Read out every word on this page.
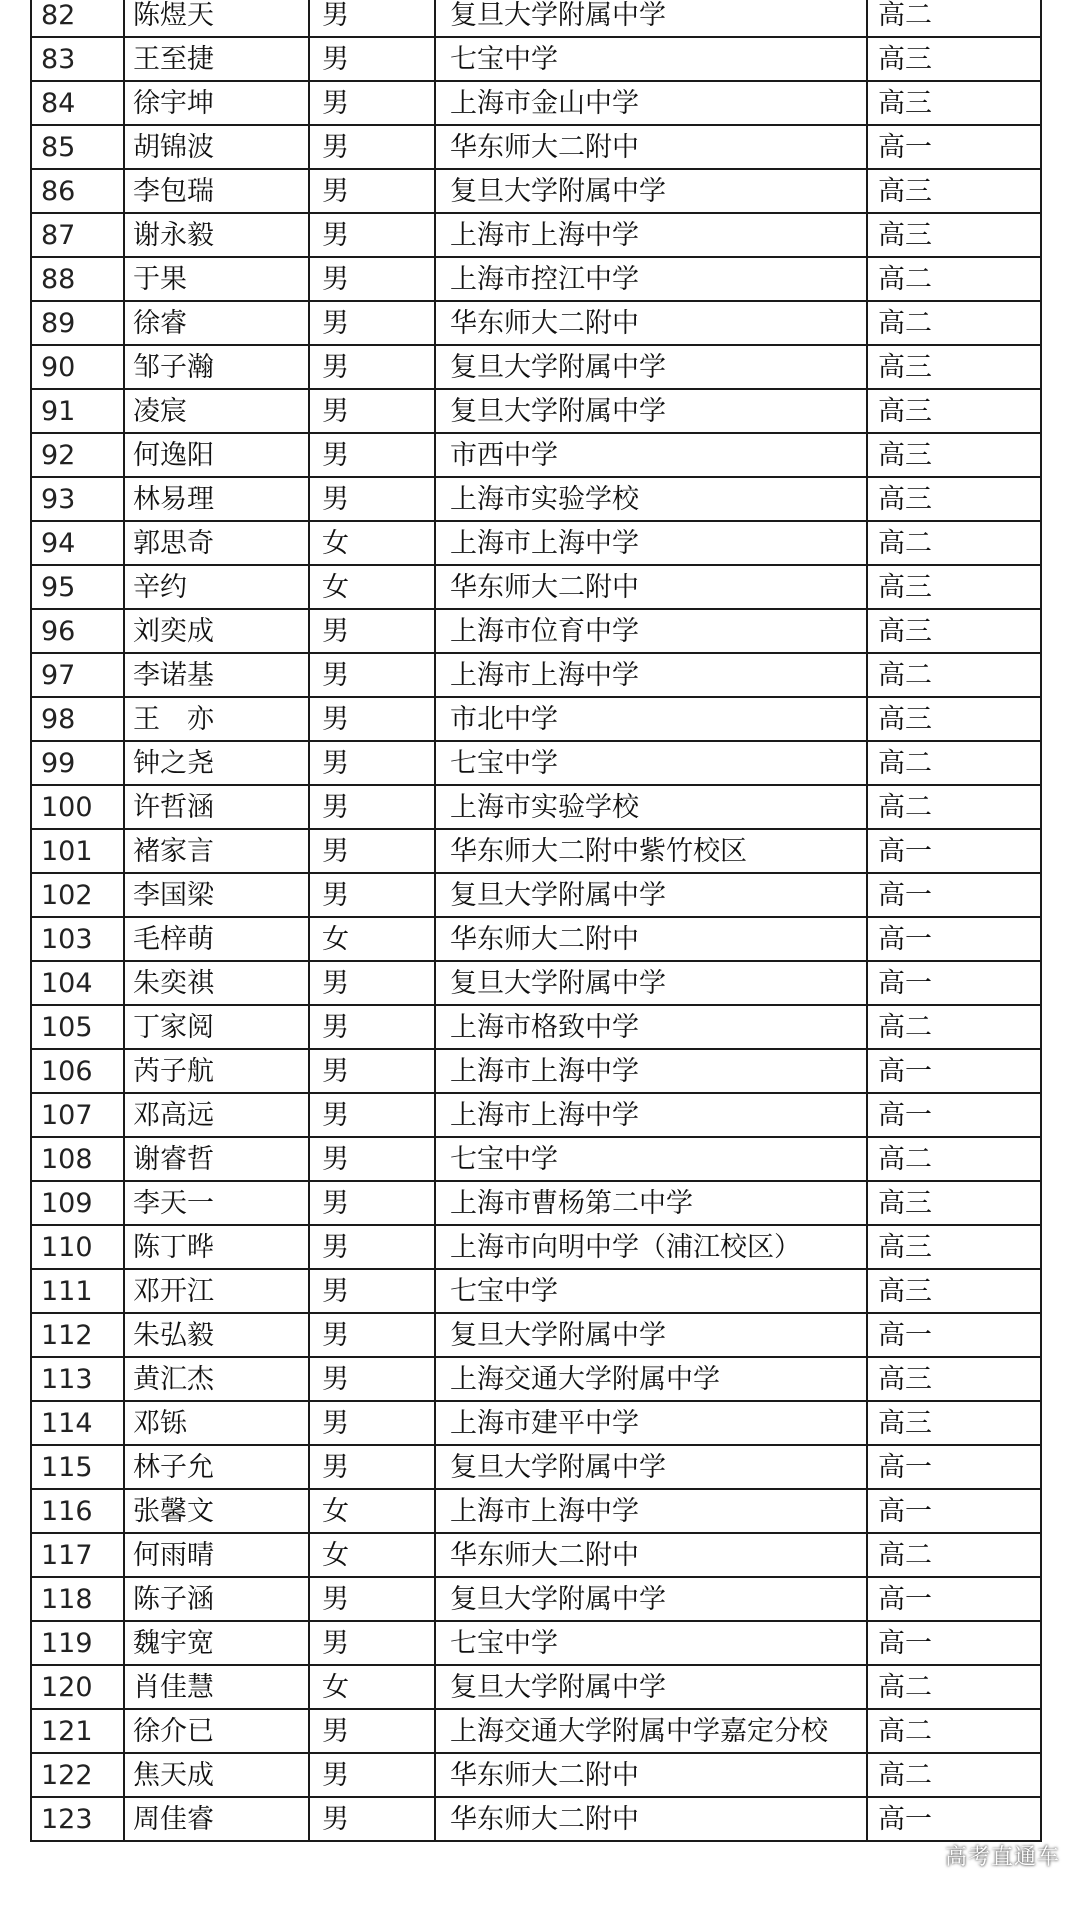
82	陈煜天	男	复旦大学附属中学	高二
83	王至捷	男	七宝中学	高三
84	徐宇坤	男	上海市金山中学	高三
85	胡锦波	男	华东师大二附中	高一
86	李包瑞	男	复旦大学附属中学	高三
87	谢永毅	男	上海市上海中学	高三
88	于果	男	上海市控江中学	高二
89	徐睿	男	华东师大二附中	高二
90	邹子瀚	男	复旦大学附属中学	高三
91	凌宸	男	复旦大学附属中学	高三
92	何逸阳	男	市西中学	高三
93	林易理	男	上海市实验学校	高三
94	郭思奇	女	上海市上海中学	高二
95	辛约	女	华东师大二附中	高三
96	刘奕成	男	上海市位育中学	高三
97	李诺基	男	上海市上海中学	高二
98	王　亦	男	市北中学	高三
99	钟之尧	男	七宝中学	高二
100	许哲涵	男	上海市实验学校	高二
101	褚家言	男	华东师大二附中紫竹校区	高一
102	李国梁	男	复旦大学附属中学	高一
103	毛梓萌	女	华东师大二附中	高一
104	朱奕祺	男	复旦大学附属中学	高一
105	丁家阅	男	上海市格致中学	高二
106	芮子航	男	上海市上海中学	高一
107	邓高远	男	上海市上海中学	高一
108	谢睿哲	男	七宝中学	高二
109	李天一	男	上海市曹杨第二中学	高三
110	陈丁晔	男	上海市向明中学（浦江校区）	高三
111	邓开江	男	七宝中学	高三
112	朱弘毅	男	复旦大学附属中学	高一
113	黄汇杰	男	上海交通大学附属中学	高三
114	邓铄	男	上海市建平中学	高三
115	林子允	男	复旦大学附属中学	高一
116	张馨文	女	上海市上海中学	高一
117	何雨晴	女	华东师大二附中	高二
118	陈子涵	男	复旦大学附属中学	高一
119	魏宇宽	男	七宝中学	高一
120	肖佳慧	女	复旦大学附属中学	高二
121	徐介已	男	上海交通大学附属中学嘉定分校	高二
122	焦天成	男	华东师大二附中	高二
123	周佳睿	男	华东师大二附中	高一
高考直通车
